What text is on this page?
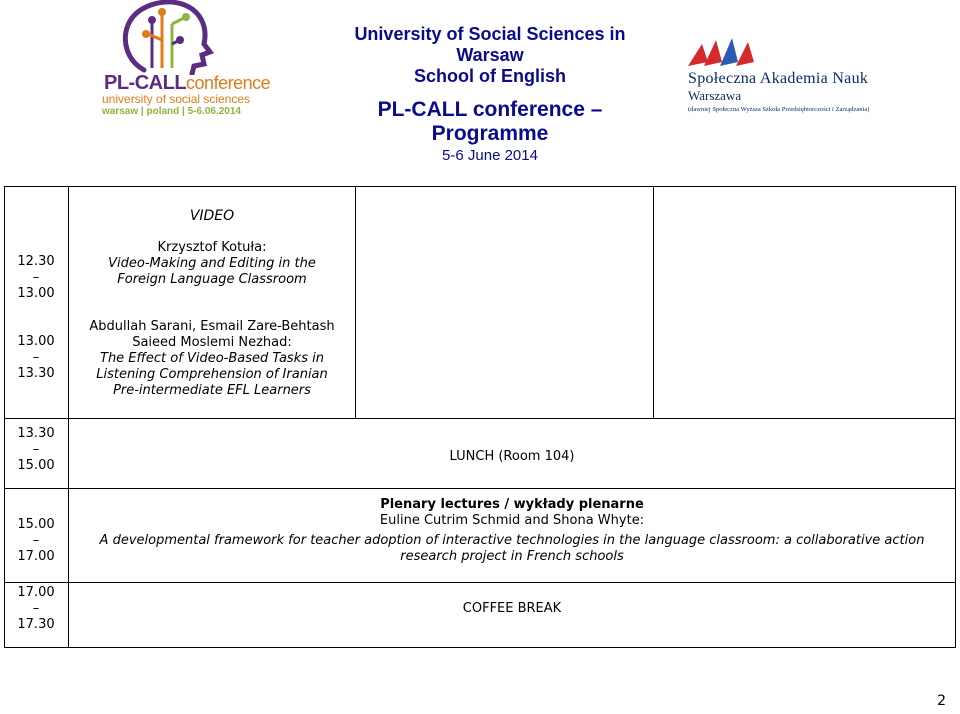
PL-CALLconference
university of social sciences
warsaw | poland | 5-6.06.2014
University of Social Sciences in
Warsaw
School of English
PL-CALL conference –
Programme
5-6 June 2014
Społeczna Akademia Nauk
Warszawa
(dawniej Społeczna Wyższa Szkoła Przedsiębiorczości i Zarządzania)
VIDEO
12.30
–
13.00
Krzysztof Kotuła:
Video-Making and Editing in the
Foreign Language Classroom
13.00
–
13.30
Abdullah Sarani, Esmail Zare-Behtash
Saieed Moslemi Nezhad:
The Effect of Video-Based Tasks in
Listening Comprehension of Iranian
Pre-intermediate EFL Learners
13.30
–
15.00
LUNCH (Room 104)
15.00
–
17.00
Plenary lectures / wykłady plenarne
Euline Cutrim Schmid and Shona Whyte:
A developmental framework for teacher adoption of interactive technologies in the language classroom: a collaborative action
research project in French schools
17.00
–
17.30
COFFEE BREAK
2
